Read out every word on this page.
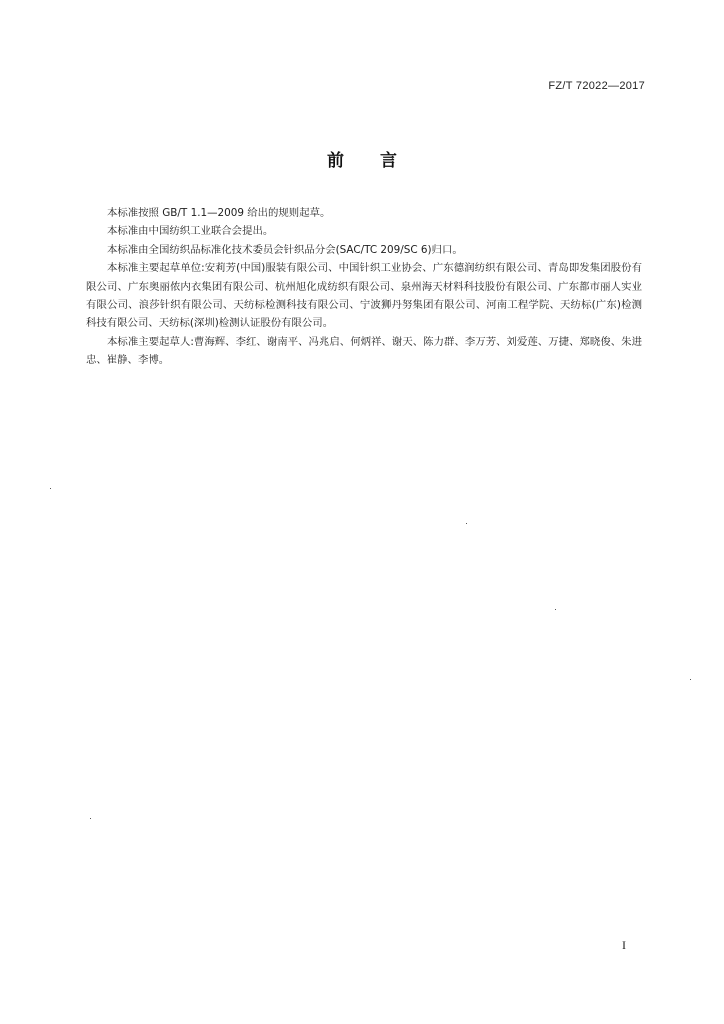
FZ/T 72022—2017
前言

本标准按照 GB/T 1.1—2009 给出的规则起草。

本标准由中国纺织工业联合会提出。

本标准由全国纺织品标准化技术委员会针织品分会(SAC/TC 209/SC 6)归口。

本标准主要起草单位:安莉芳(中国)服装有限公司、中国针织工业协会、广东德润纺织有限公司、青岛即发集团股份有限公司、广东奥丽侬内衣集团有限公司、杭州旭化成纺织有限公司、泉州海天材料科技股份有限公司、广东都市丽人实业有限公司、浪莎针织有限公司、天纺标检测科技有限公司、宁波狮丹努集团有限公司、河南工程学院、天纺标(广东)检测科技有限公司、天纺标(深圳)检测认证股份有限公司。

本标准主要起草人:曹海辉、李红、谢南平、冯兆启、何炳祥、谢天、陈力群、李万芳、刘爱莲、万捷、郑晓俊、朱进忠、崔静、李博。

I
